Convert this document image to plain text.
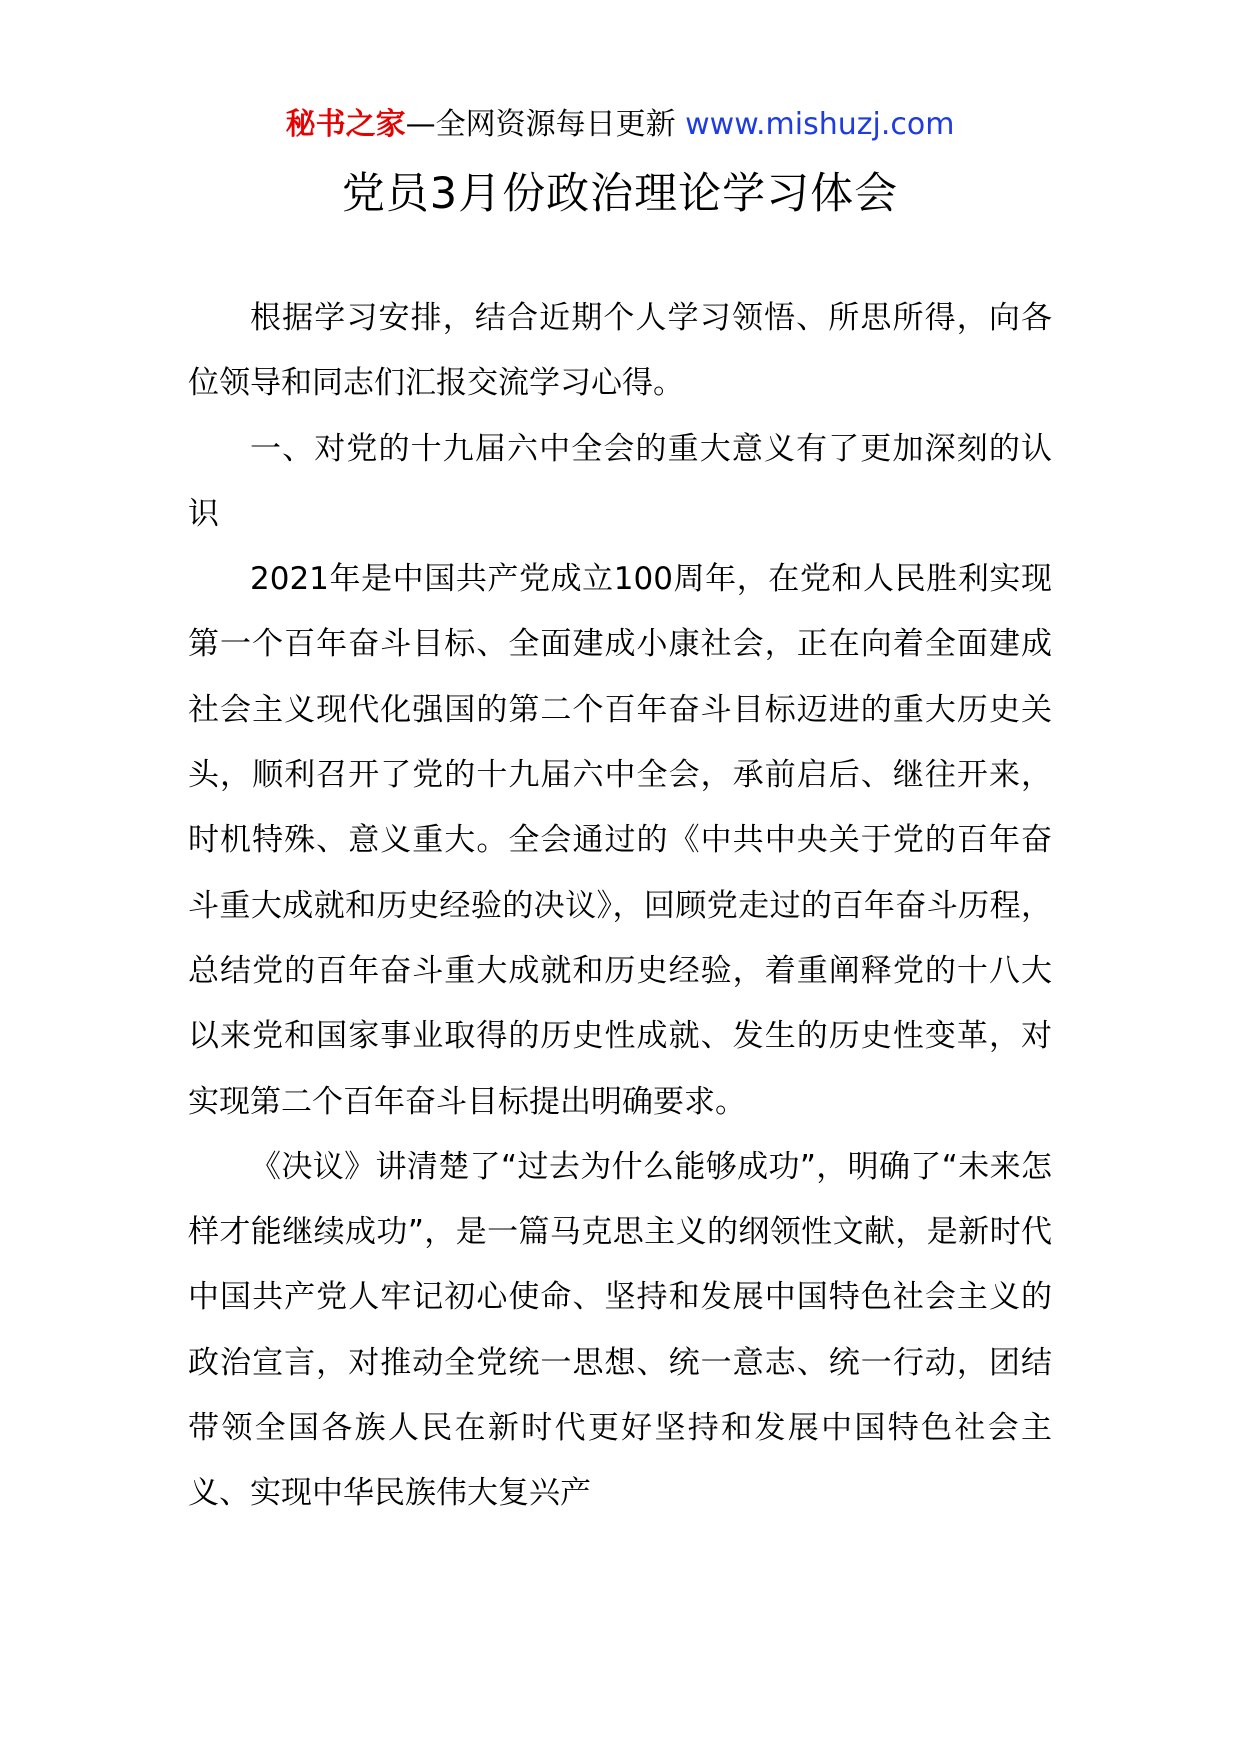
秘书之家—全网资源每日更新 www.mishuzj.com
党员3月份政治理论学习体会

根据学习安排，结合近期个人学习领悟、所思所得，向各位领导和同志们汇报交流学习心得。

一、对党的十九届六中全会的重大意义有了更加深刻的认识

2021年是中国共产党成立100周年，在党和人民胜利实现第一个百年奋斗目标、全面建成小康社会，正在向着全面建成社会主义现代化强国的第二个百年奋斗目标迈进的重大历史关头，顺利召开了党的十九届六中全会，承前启后、继往开来，时机特殊、意义重大。全会通过的《中共中央关于党的百年奋斗重大成就和历史经验的决议》，回顾党走过的百年奋斗历程，总结党的百年奋斗重大成就和历史经验，着重阐释党的十八大以来党和国家事业取得的历史性成就、发生的历史性变革，对实现第二个百年奋斗目标提出明确要求。

《决议》讲清楚了“过去为什么能够成功”，明确了“未来怎样才能继续成功”，是一篇马克思主义的纲领性文献，是新时代中国共产党人牢记初心使命、坚持和发展中国特色社会主义的政治宣言，对推动全党统一思想、统一意志、统一行动，团结带领全国各族人民在新时代更好坚持和发展中国特色社会主义、实现中华民族伟大复兴产
